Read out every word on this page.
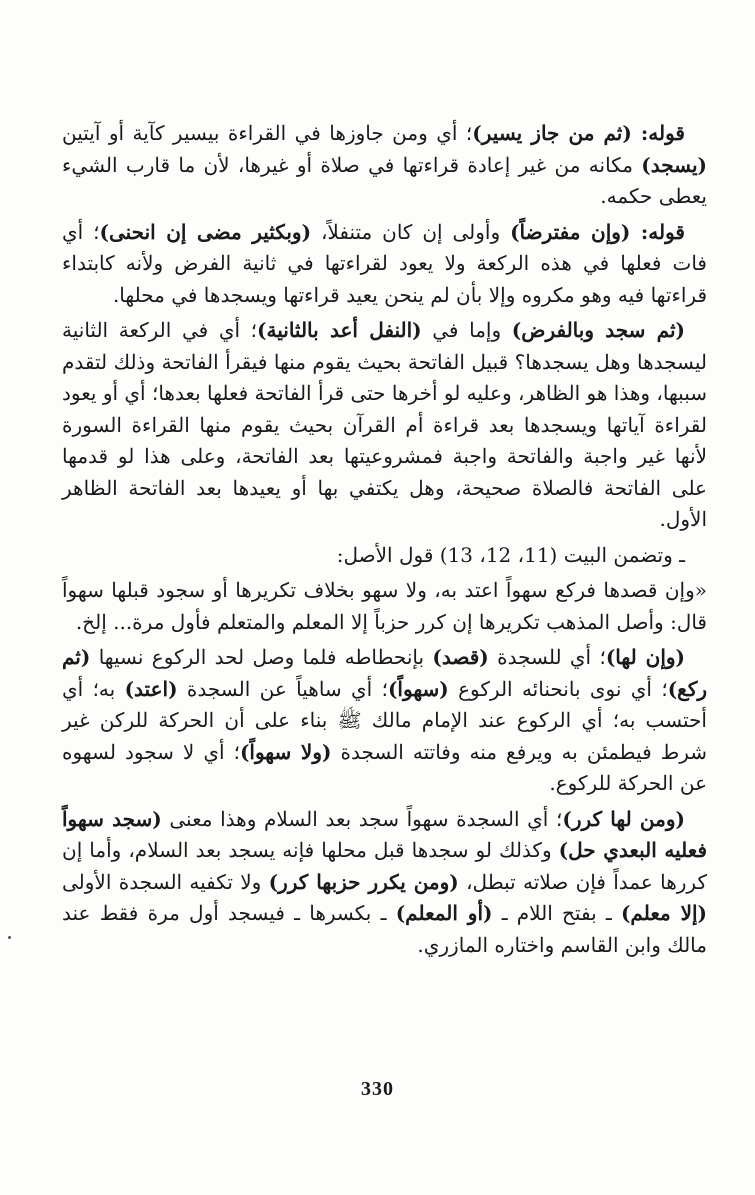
قوله: (ثم من جاز يسير)؛ أي ومن جاوزها في القراءة بيسير كآية أو آيتين (يسجد) مكانه من غير إعادة قراءتها في صلاة أو غيرها، لأن ما قارب الشيء يعطى حكمه.

قوله: (وإن مفترضاً) وأولى إن كان متنفلاً، (وبكثير مضى إن انحنى)؛ أي فات فعلها في هذه الركعة ولا يعود لقراءتها في ثانية الفرض ولأنه كابتداء قراءتها فيه وهو مكروه وإلا بأن لم ينحن يعيد قراءتها ويسجدها في محلها.

(ثم سجد وبالفرض) وإما في (النفل أعد بالثانية)؛ أي في الركعة الثانية ليسجدها وهل يسجدها؟ قبيل الفاتحة بحيث يقوم منها فيقرأ الفاتحة وذلك لتقدم سببها، وهذا هو الظاهر، وعليه لو أخرها حتى قرأ الفاتحة فعلها بعدها؛ أي أو يعود لقراءة آياتها ويسجدها بعد قراءة أم القرآن بحيث يقوم منها القراءة السورة لأنها غير واجبة والفاتحة واجبة فمشروعيتها بعد الفاتحة، وعلى هذا لو قدمها على الفاتحة فالصلاة صحيحة، وهل يكتفي بها أو يعيدها بعد الفاتحة الظاهر الأول.

ـ وتضمن البيت (11، 12، 13) قول الأصل:

«وإن قصدها فركع سهواً اعتد به، ولا سهو بخلاف تكريرها أو سجود قبلها سهواً قال: وأصل المذهب تكريرها إن كرر حزباً إلا المعلم والمتعلم فأول مرة... إلخ.

(وإن لها)؛ أي للسجدة (قصد) بإنحطاطه فلما وصل لحد الركوع نسيها (ثم ركع)؛ أي نوى بانحنائه الركوع (سهواً)؛ أي ساهياً عن السجدة (اعتد) به؛ أي أحتسب به؛ أي الركوع عند الإمام مالك ﷺ بناء على أن الحركة للركن غير شرط فيطمئن به ويرفع منه وفاتته السجدة (ولا سهواً)؛ أي لا سجود لسهوه عن الحركة للركوع.

(ومن لها كرر)؛ أي السجدة سهواً سجد بعد السلام وهذا معنى (سجد سهواً فعليه البعدي حل) وكذلك لو سجدها قبل محلها فإنه يسجد بعد السلام، وأما إن كررها عمداً فإن صلاته تبطل، (ومن يكرر حزبها كرر) ولا تكفيه السجدة الأولى (إلا معلم) ـ بفتح اللام ـ (أو المعلم) ـ بكسرها ـ فيسجد أول مرة فقط عند مالك وابن القاسم واختاره المازري.

330
